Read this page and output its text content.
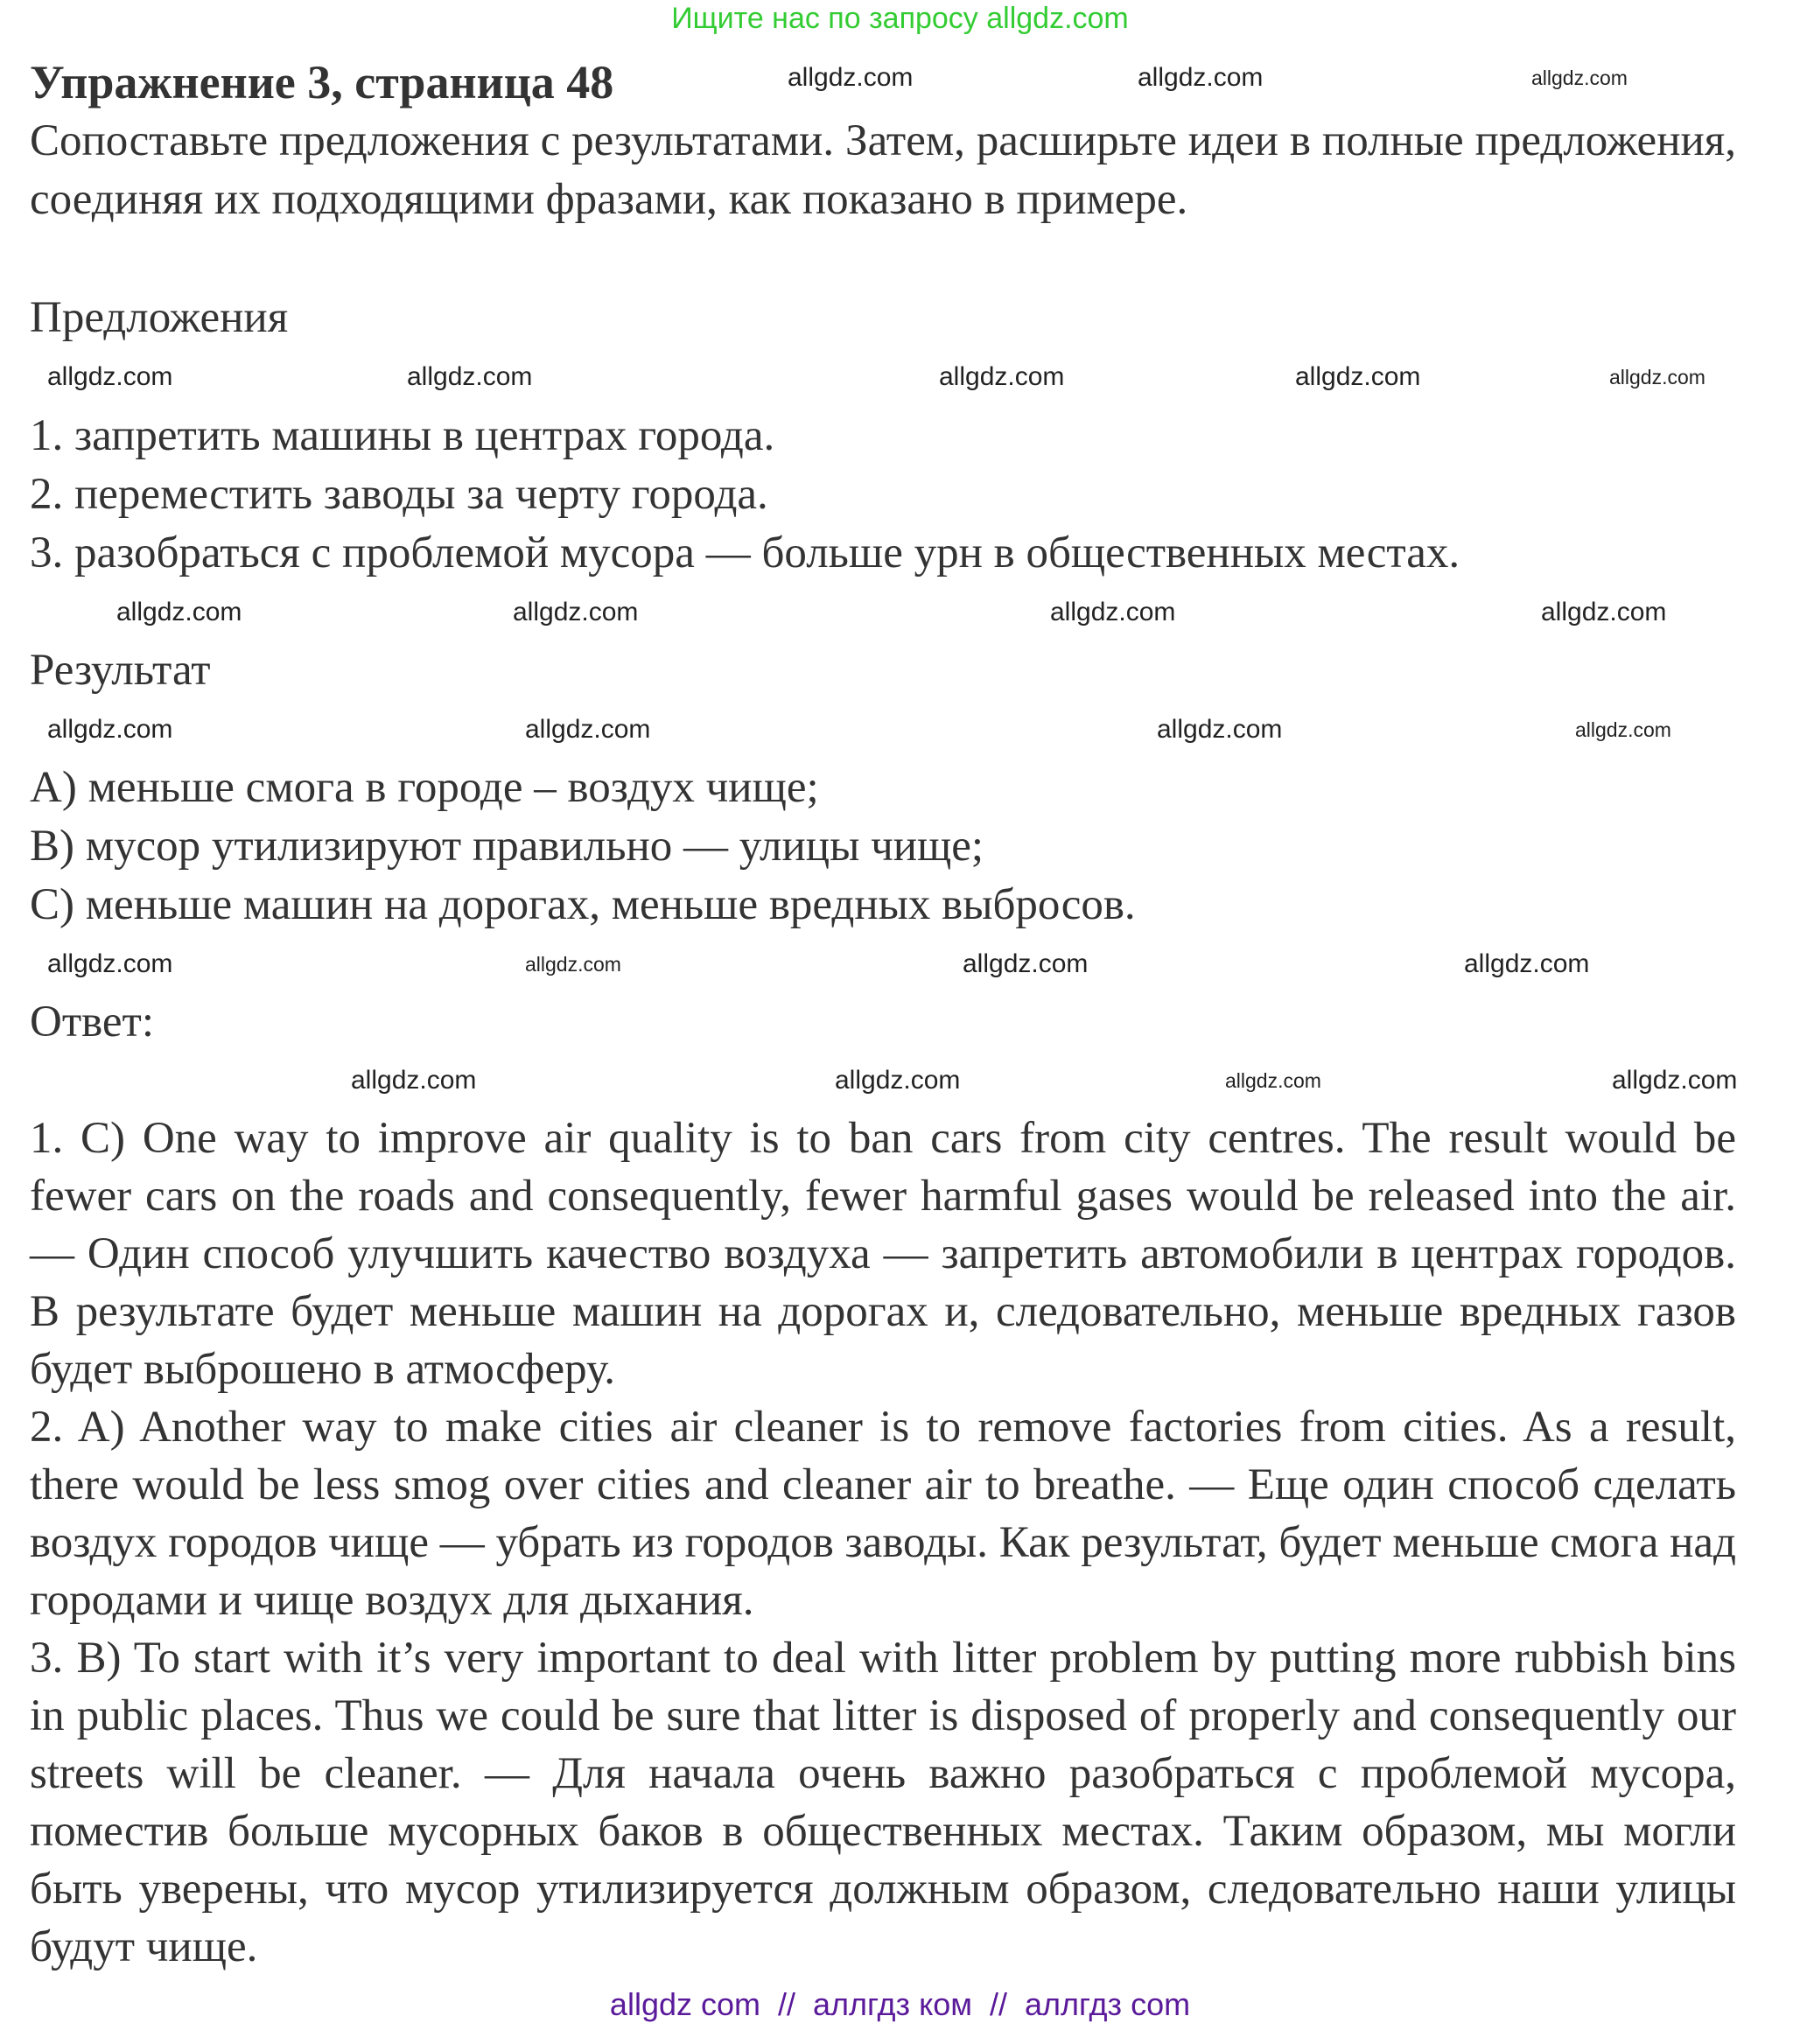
Ищите нас по запросу allgdz.com
Упражнение 3, страница 48
Сопоставьте предложения с результатами. Затем, расширьте идеи в полные предложения, соединяя их подходящими фразами, как показано в примере.
Предложения
1. запретить машины в центрах города.
2. переместить заводы за черту города.
3. разобраться с проблемой мусора — больше урн в общественных местах.
Результат
A) меньше смога в городе – воздух чище;
B) мусор утилизируют правильно — улицы чище;
C) меньше машин на дорогах, меньше вредных выбросов.
Ответ:

1. C) One way to improve air quality is to ban cars from city centres. The result would be fewer cars on the roads and consequently, fewer harmful gases would be released into the air. — Один способ улучшить качество воздуха — запретить автомобили в центрах городов. В результате будет меньше машин на дорогах и, следовательно, меньше вредных газов будет выброшено в атмосферу.

2. A) Another way to make cities air cleaner is to remove factories from cities. As a result, there would be less smog over cities and cleaner air to breathe. — Еще один способ сделать воздух городов чище — убрать из городов заводы. Как результат, будет меньше смога над городами и чище воздух для дыхания.

3. B) To start with it’s very important to deal with litter problem by putting more rubbish bins in public places. Thus we could be sure that litter is disposed of properly and consequently our streets will be cleaner. — Для начала очень важно разобраться с проблемой мусора, поместив больше мусорных баков в общественных местах. Таким образом, мы могли быть уверены, что мусор утилизируется должным образом, следовательно наши улицы будут чище.

allgdz com  //  аллгдз ком  //  аллгдз com
allgdz.com	allgdz.com	allgdz.com
allgdz.com	allgdz.com	allgdz.com	allgdz.com	allgdz.com
allgdz.com	allgdz.com	allgdz.com	allgdz.com
allgdz.com	allgdz.com	allgdz.com	allgdz.com
allgdz.com	allgdz.com	allgdz.com	allgdz.com
allgdz.com	allgdz.com	allgdz.com	allgdz.com
